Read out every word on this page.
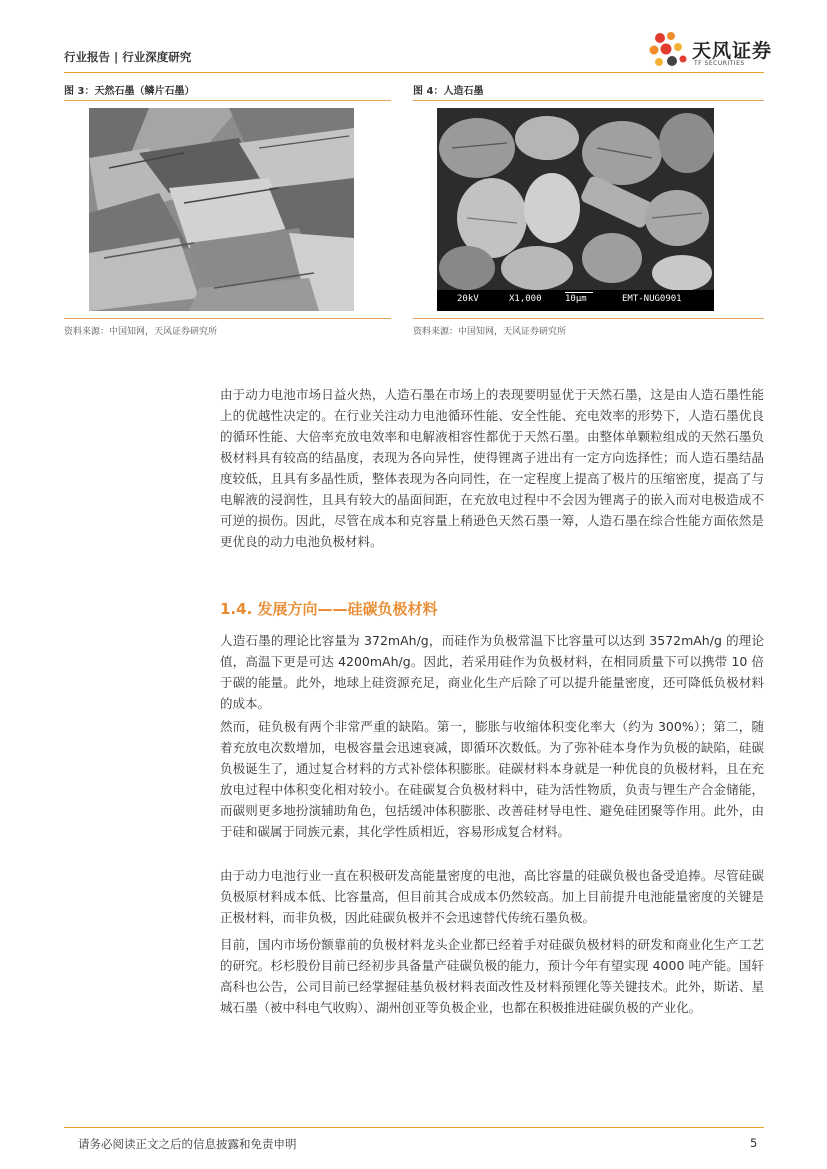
行业报告 | 行业深度研究	天风证券
TF SECURITIES
图 3：天然石墨（鳞片石墨）
资料来源：中国知网，天风证券研究所
图 4：人造石墨
20kV	X1,000	10μm	EMT-NUG0901
资料来源：中国知网，天风证券研究所
由于动力电池市场日益火热，人造石墨在市场上的表现要明显优于天然石墨，这是由人造石墨性能上的优越性决定的。在行业关注动力电池循环性能、安全性能、充电效率的形势下，人造石墨优良的循环性能、大倍率充放电效率和电解液相容性都优于天然石墨。由整体单颗粒组成的天然石墨负极材料具有较高的结晶度，表现为各向异性，使得锂离子进出有一定方向选择性；而人造石墨结晶度较低，且具有多晶性质，整体表现为各向同性，在一定程度上提高了极片的压缩密度，提高了与电解液的浸润性，且具有较大的晶面间距，在充放电过程中不会因为锂离子的嵌入而对电极造成不可逆的损伤。因此，尽管在成本和克容量上稍逊色天然石墨一筹，人造石墨在综合性能方面依然是更优良的动力电池负极材料。
1.4. 发展方向——硅碳负极材料
人造石墨的理论比容量为 372mAh/g，而硅作为负极常温下比容量可以达到 3572mAh/g 的理论值，高温下更是可达 4200mAh/g。因此，若采用硅作为负极材料，在相同质量下可以携带 10 倍于碳的能量。此外，地球上硅资源充足，商业化生产后除了可以提升能量密度，还可降低负极材料的成本。
然而，硅负极有两个非常严重的缺陷。第一，膨胀与收缩体积变化率大（约为 300%）；第二，随着充放电次数增加，电极容量会迅速衰减，即循环次数低。为了弥补硅本身作为负极的缺陷，硅碳负极诞生了，通过复合材料的方式补偿体积膨胀。硅碳材料本身就是一种优良的负极材料，且在充放电过程中体积变化相对较小。在硅碳复合负极材料中，硅为活性物质，负责与锂生产合金储能，而碳则更多地扮演辅助角色，包括缓冲体积膨胀、改善硅材导电性、避免硅团聚等作用。此外，由于硅和碳属于同族元素，其化学性质相近，容易形成复合材料。
由于动力电池行业一直在积极研发高能量密度的电池，高比容量的硅碳负极也备受追捧。尽管硅碳负极原材料成本低、比容量高，但目前其合成成本仍然较高。加上目前提升电池能量密度的关键是正极材料，而非负极，因此硅碳负极并不会迅速替代传统石墨负极。
目前，国内市场份额靠前的负极材料龙头企业都已经着手对硅碳负极材料的研发和商业化生产工艺的研究。杉杉股份目前已经初步具备量产硅碳负极的能力，预计今年有望实现 4000 吨产能。国轩高科也公告，公司目前已经掌握硅基负极材料表面改性及材料预锂化等关键技术。此外，斯诺、星城石墨（被中科电气收购）、湖州创亚等负极企业，也都在积极推进硅碳负极的产业化。
请务必阅读正文之后的信息披露和免责申明	5
